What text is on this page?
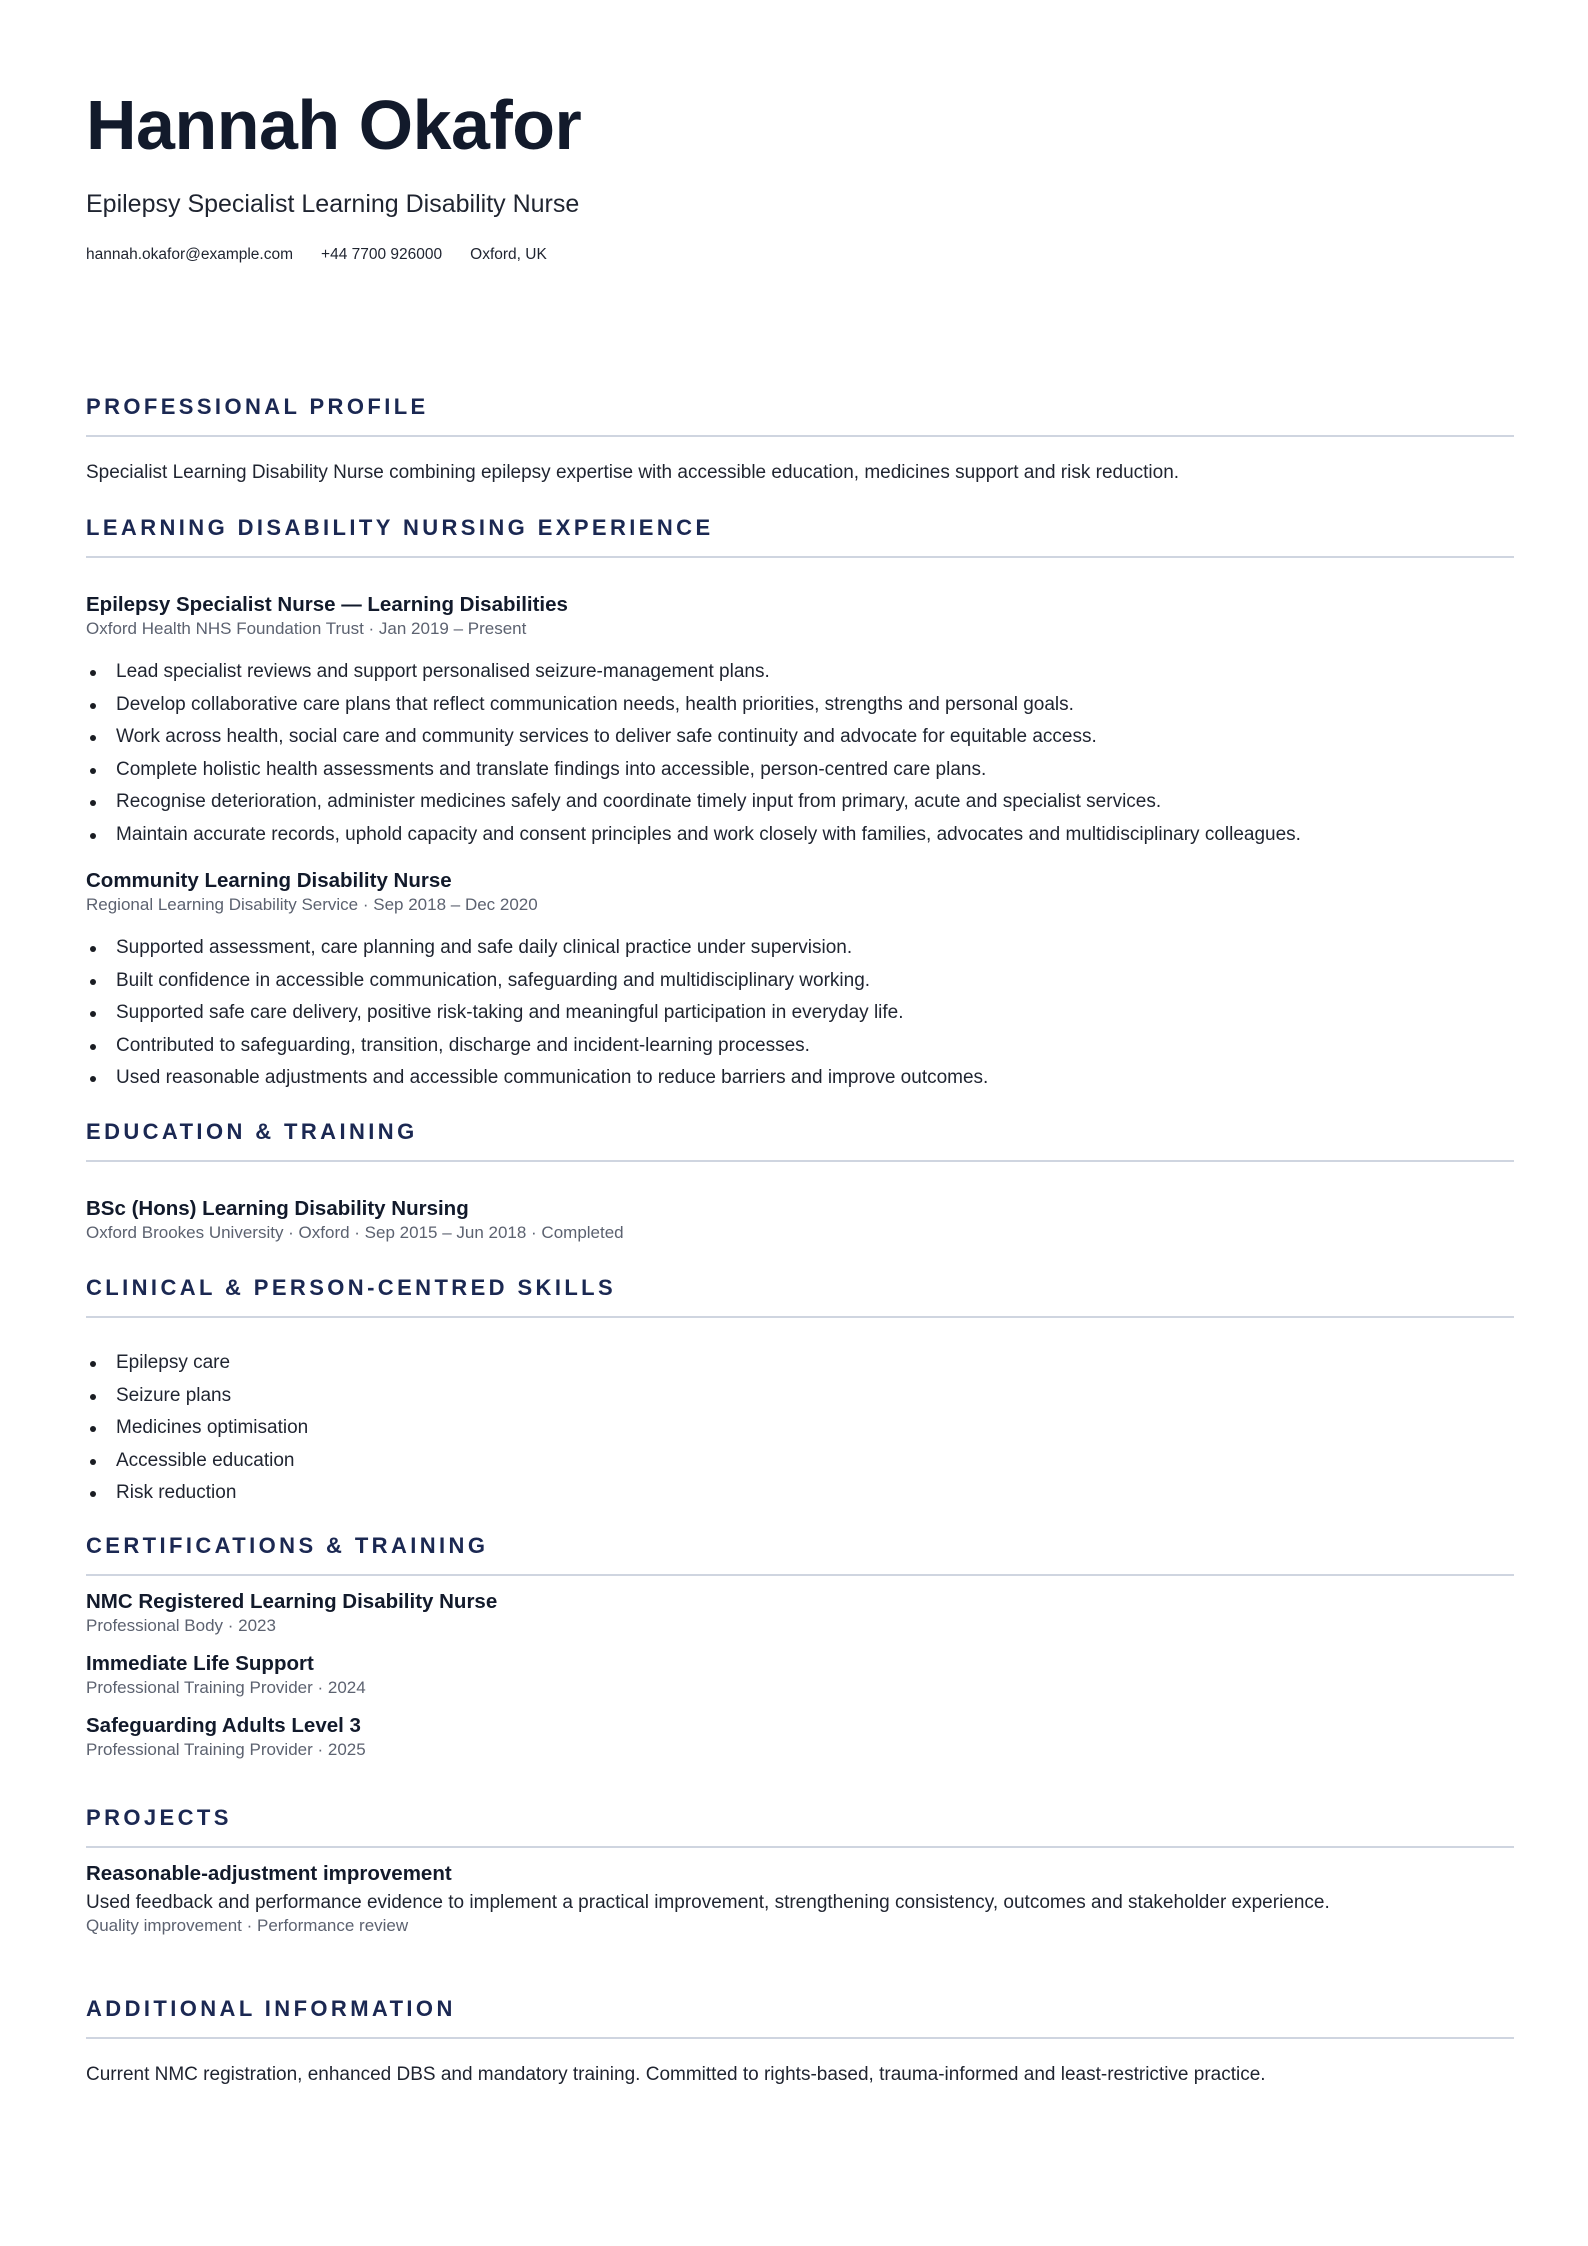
Hannah Okafor
Epilepsy Specialist Learning Disability Nurse
hannah.okafor@example.com +44 7700 926000 Oxford, UK
PROFESSIONAL PROFILE
Specialist Learning Disability Nurse combining epilepsy expertise with accessible education, medicines support and risk reduction.
LEARNING DISABILITY NURSING EXPERIENCE
Epilepsy Specialist Nurse — Learning Disabilities
Oxford Health NHS Foundation Trust · Jan 2019 – Present
Lead specialist reviews and support personalised seizure-management plans.
Develop collaborative care plans that reflect communication needs, health priorities, strengths and personal goals.
Work across health, social care and community services to deliver safe continuity and advocate for equitable access.
Complete holistic health assessments and translate findings into accessible, person-centred care plans.
Recognise deterioration, administer medicines safely and coordinate timely input from primary, acute and specialist services.
Maintain accurate records, uphold capacity and consent principles and work closely with families, advocates and multidisciplinary colleagues.
Community Learning Disability Nurse
Regional Learning Disability Service · Sep 2018 – Dec 2020
Supported assessment, care planning and safe daily clinical practice under supervision.
Built confidence in accessible communication, safeguarding and multidisciplinary working.
Supported safe care delivery, positive risk-taking and meaningful participation in everyday life.
Contributed to safeguarding, transition, discharge and incident-learning processes.
Used reasonable adjustments and accessible communication to reduce barriers and improve outcomes.
EDUCATION & TRAINING
BSc (Hons) Learning Disability Nursing
Oxford Brookes University · Oxford · Sep 2015 – Jun 2018 · Completed
CLINICAL & PERSON-CENTRED SKILLS
Epilepsy care
Seizure plans
Medicines optimisation
Accessible education
Risk reduction
CERTIFICATIONS & TRAINING
NMC Registered Learning Disability Nurse
Professional Body · 2023
Immediate Life Support
Professional Training Provider · 2024
Safeguarding Adults Level 3
Professional Training Provider · 2025
PROJECTS
Reasonable-adjustment improvement
Used feedback and performance evidence to implement a practical improvement, strengthening consistency, outcomes and stakeholder experience.
Quality improvement · Performance review
ADDITIONAL INFORMATION
Current NMC registration, enhanced DBS and mandatory training. Committed to rights-based, trauma-informed and least-restrictive practice.
